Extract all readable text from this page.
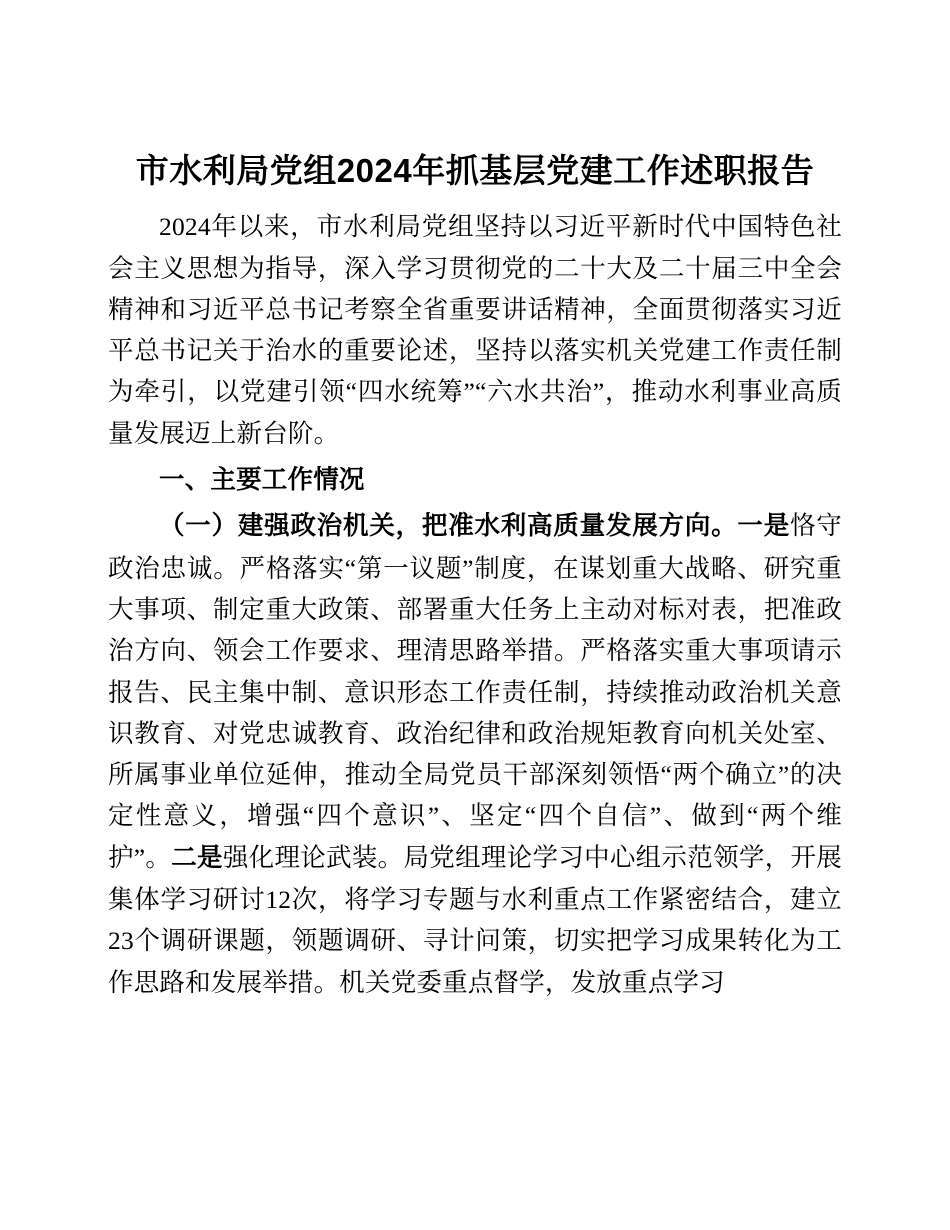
市水利局党组2024年抓基层党建工作述职报告

2024年以来，市水利局党组坚持以习近平新时代中国特色社会主义思想为指导，深入学习贯彻党的二十大及二十届三中全会精神和习近平总书记考察全省重要讲话精神，全面贯彻落实习近平总书记关于治水的重要论述，坚持以落实机关党建工作责任制为牵引，以党建引领“四水统筹”“六水共治”，推动水利事业高质量发展迈上新台阶。

一、主要工作情况

（一）建强政治机关，把准水利高质量发展方向。一是恪守政治忠诚。严格落实“第一议题”制度，在谋划重大战略、研究重大事项、制定重大政策、部署重大任务上主动对标对表，把准政治方向、领会工作要求、理清思路举措。严格落实重大事项请示报告、民主集中制、意识形态工作责任制，持续推动政治机关意识教育、对党忠诚教育、政治纪律和政治规矩教育向机关处室、所属事业单位延伸，推动全局党员干部深刻领悟“两个确立”的决定性意义，增强“四个意识”、坚定“四个自信”、做到“两个维护”。二是强化理论武装。局党组理论学习中心组示范领学，开展集体学习研讨12次，将学习专题与水利重点工作紧密结合，建立23个调研课题，领题调研、寻计问策，切实把学习成果转化为工作思路和发展举措。机关党委重点督学，发放重点学习
